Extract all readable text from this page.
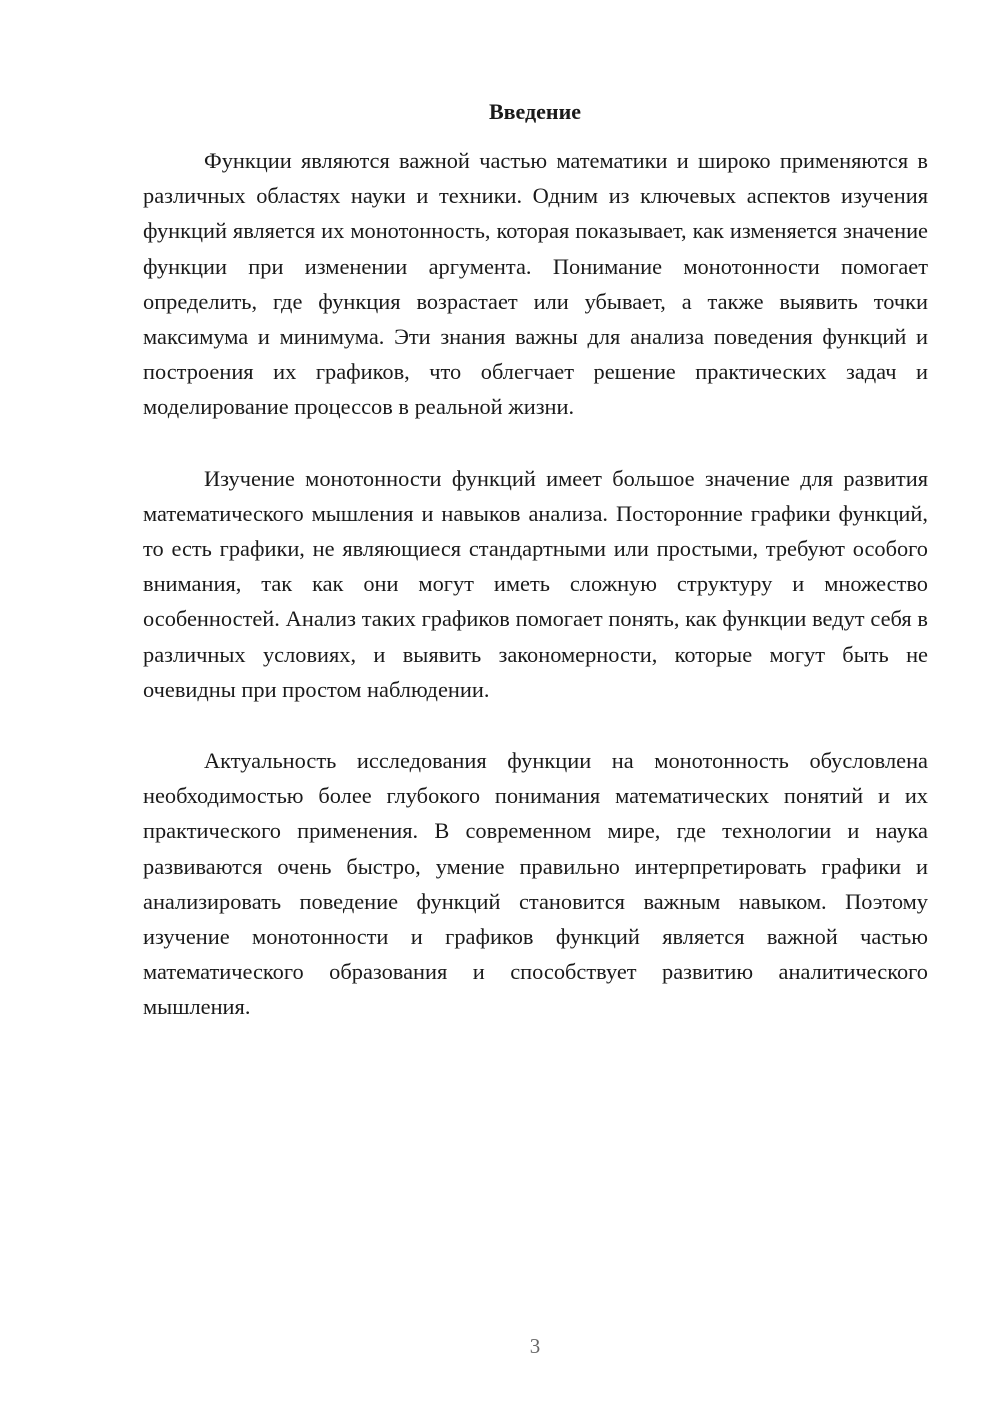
Введение

Функции являются важной частью математики и широко применяются в различных областях науки и техники. Одним из ключевых аспектов изучения функций является их монотонность, которая показывает, как изменяется значение функции при изменении аргумента. Понимание монотонности помогает определить, где функция возрастает или убывает, а также выявить точки максимума и минимума. Эти знания важны для анализа поведения функций и построения их графиков, что облегчает решение практических задач и моделирование процессов в реальной жизни.

Изучение монотонности функций имеет большое значение для развития математического мышления и навыков анализа. Посторонние графики функций, то есть графики, не являющиеся стандартными или простыми, требуют особого внимания, так как они могут иметь сложную структуру и множество особенностей. Анализ таких графиков помогает понять, как функции ведут себя в различных условиях, и выявить закономерности, которые могут быть не очевидны при простом наблюдении.

Актуальность исследования функции на монотонность обусловлена необходимостью более глубокого понимания математических понятий и их практического применения. В современном мире, где технологии и наука развиваются очень быстро, умение правильно интерпретировать графики и анализировать поведение функций становится важным навыком. Поэтому изучение монотонности и графиков функций является важной частью математического образования и способствует развитию аналитического мышления.

3
